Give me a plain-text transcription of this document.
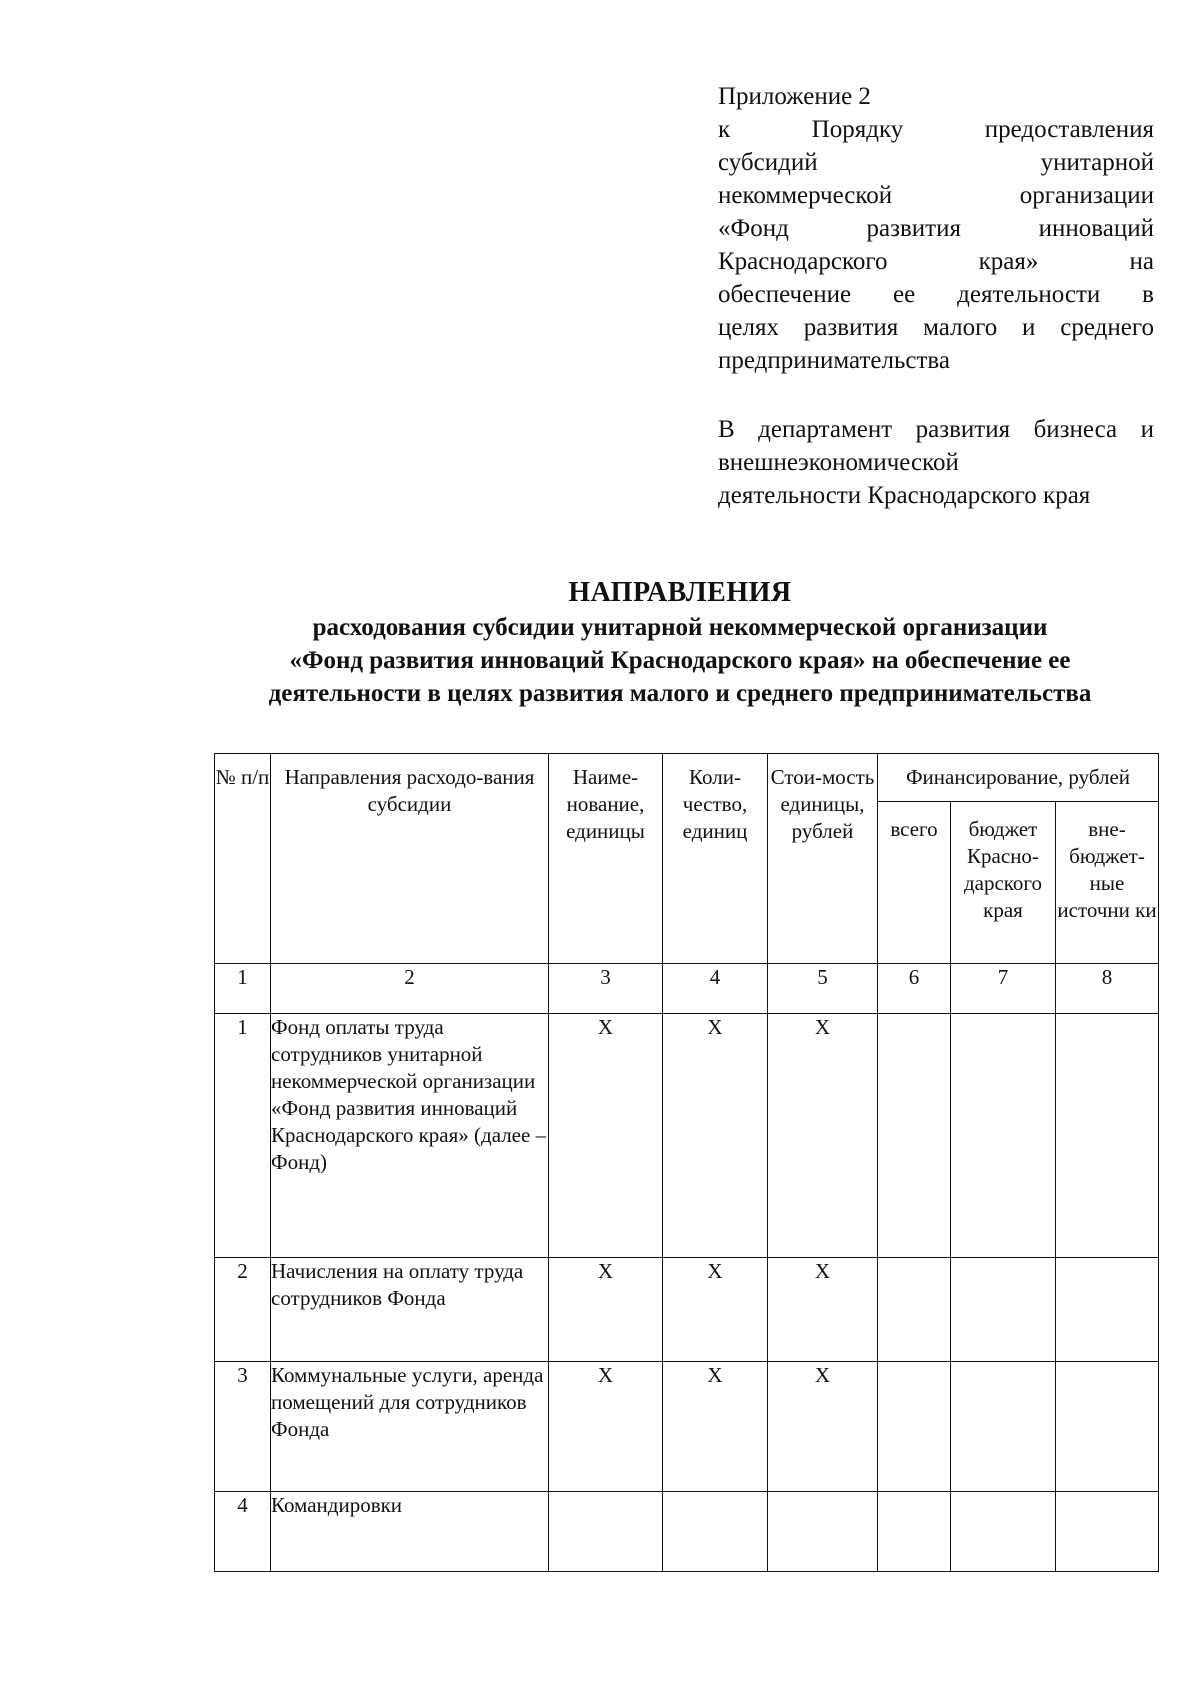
Приложение 2
к Порядку предоставления
субсидий унитарной
некоммерческой организации
«Фонд развития инноваций
Краснодарского края» на
обеспечение ее деятельности в
целях развития малого и среднего
предпринимательства
В департамент развития бизнеса и
внешнеэкономической
деятельности Краснодарского края
НАПРАВЛЕНИЯ
расходования субсидии унитарной некоммерческой организации
«Фонд развития инноваций Краснодарского края» на обеспечение ее
деятельности в целях развития малого и среднего предпринимательства
№ п/п	Направления расходо-вания субсидии	Наиме-нование, единицы	Коли-чество, единиц	Стои-мость единицы, рублей	Финансирование, рублей		
					всего	бюджет Красно-дарского края	вне-бюджет-ные источни ки
1	2	3	4	5	6	7	8
1	Фонд оплаты труда сотрудников унитарной некоммерческой организации «Фонд развития инноваций Краснодарского края» (далее – Фонд)	X	X	X			
2	Начисления на оплату труда сотрудников Фонда	X	X	X			
3	Коммунальные услуги, аренда помещений для сотрудников Фонда	X	X	X			
4	Командировки						
